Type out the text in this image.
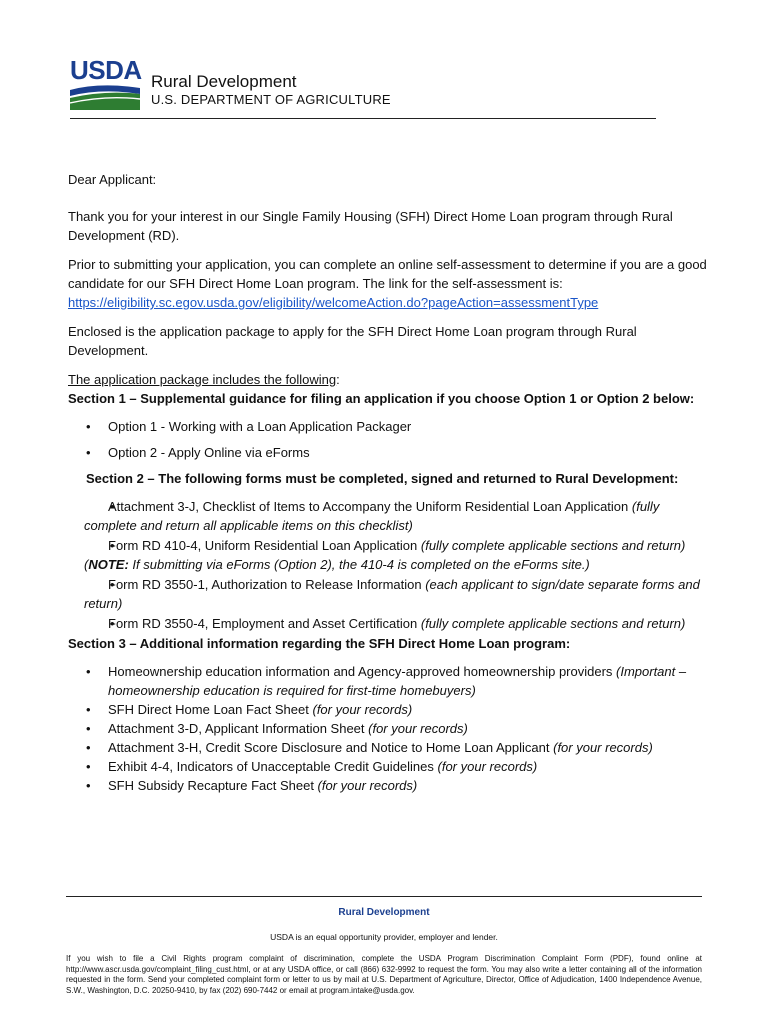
USDA Rural Development
U.S. DEPARTMENT OF AGRICULTURE

Dear Applicant:

Thank you for your interest in our Single Family Housing (SFH) Direct Home Loan program through Rural Development (RD).

Prior to submitting your application, you can complete an online self-assessment to determine if you are a good candidate for our SFH Direct Home Loan program. The link for the self-assessment is:
https://eligibility.sc.egov.usda.gov/eligibility/welcomeAction.do?pageAction=assessmentType

Enclosed is the application package to apply for the SFH Direct Home Loan program through Rural Development.

The application package includes the following:

Section 1 – Supplemental guidance for filing an application if you choose Option 1 or Option 2 below:

• Option 1 - Working with a Loan Application Packager
• Option 2 - Apply Online via eForms

Section 2 – The following forms must be completed, signed and returned to Rural Development:

• Attachment 3-J, Checklist of Items to Accompany the Uniform Residential Loan Application (fully complete and return all applicable items on this checklist)
• Form RD 410-4, Uniform Residential Loan Application (fully complete applicable sections and return) (NOTE: If submitting via eForms (Option 2), the 410-4 is completed on the eForms site.)
• Form RD 3550-1, Authorization to Release Information (each applicant to sign/date separate forms and return)
• Form RD 3550-4, Employment and Asset Certification (fully complete applicable sections and return)

Section 3 – Additional information regarding the SFH Direct Home Loan program:

• Homeownership education information and Agency-approved homeownership providers (Important – homeownership education is required for first-time homebuyers)
• SFH Direct Home Loan Fact Sheet (for your records)
• Attachment 3-D, Applicant Information Sheet (for your records)
• Attachment 3-H, Credit Score Disclosure and Notice to Home Loan Applicant (for your records)
• Exhibit 4-4, Indicators of Unacceptable Credit Guidelines (for your records)
• SFH Subsidy Recapture Fact Sheet (for your records)
Rural Development
USDA is an equal opportunity provider, employer and lender.
If you wish to file a Civil Rights program complaint of discrimination, complete the USDA Program Discrimination Complaint Form (PDF), found online at http://www.ascr.usda.gov/complaint_filing_cust.html, or at any USDA office, or call (866) 632-9992 to request the form. You may also write a letter containing all of the information requested in the form. Send your completed complaint form or letter to us by mail at U.S. Department of Agriculture, Director, Office of Adjudication, 1400 Independence Avenue, S.W., Washington, D.C. 20250-9410, by fax (202) 690-7442 or email at program.intake@usda.gov.
